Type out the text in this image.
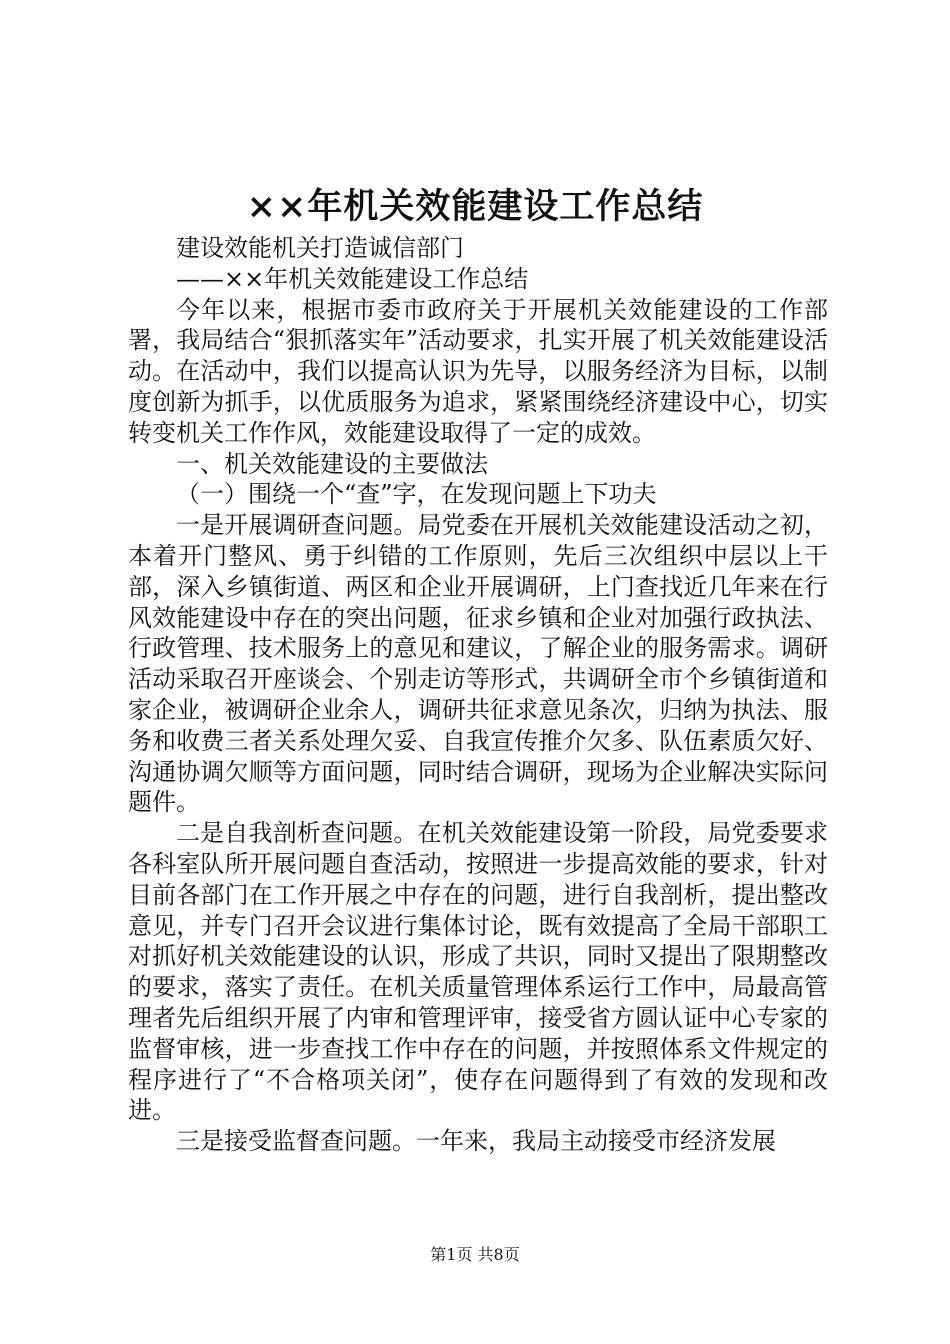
××年机关效能建设工作总结

建设效能机关打造诚信部门

——××年机关效能建设工作总结

今年以来，根据市委市政府关于开展机关效能建设的工作部署，我局结合“狠抓落实年”活动要求，扎实开展了机关效能建设活动。在活动中，我们以提高认识为先导，以服务经济为目标，以制度创新为抓手，以优质服务为追求，紧紧围绕经济建设中心，切实转变机关工作作风，效能建设取得了一定的成效。

一、机关效能建设的主要做法

（一）围绕一个“查”字，在发现问题上下功夫

一是开展调研查问题。局党委在开展机关效能建设活动之初，本着开门整风、勇于纠错的工作原则，先后三次组织中层以上干部，深入乡镇街道、两区和企业开展调研，上门查找近几年来在行风效能建设中存在的突出问题，征求乡镇和企业对加强行政执法、行政管理、技术服务上的意见和建议，了解企业的服务需求。调研活动采取召开座谈会、个别走访等形式，共调研全市个乡镇街道和家企业，被调研企业余人，调研共征求意见条次，归纳为执法、服务和收费三者关系处理欠妥、自我宣传推介欠多、队伍素质欠好、沟通协调欠顺等方面问题，同时结合调研，现场为企业解决实际问题件。

二是自我剖析查问题。在机关效能建设第一阶段，局党委要求各科室队所开展问题自查活动，按照进一步提高效能的要求，针对目前各部门在工作开展之中存在的问题，进行自我剖析，提出整改意见，并专门召开会议进行集体讨论，既有效提高了全局干部职工对抓好机关效能建设的认识，形成了共识，同时又提出了限期整改的要求，落实了责任。在机关质量管理体系运行工作中，局最高管理者先后组织开展了内审和管理评审，接受省方圆认证中心专家的监督审核，进一步查找工作中存在的问题，并按照体系文件规定的程序进行了“不合格项关闭”，使存在问题得到了有效的发现和改进。

三是接受监督查问题。一年来，我局主动接受市经济发展

第1页 共8页
